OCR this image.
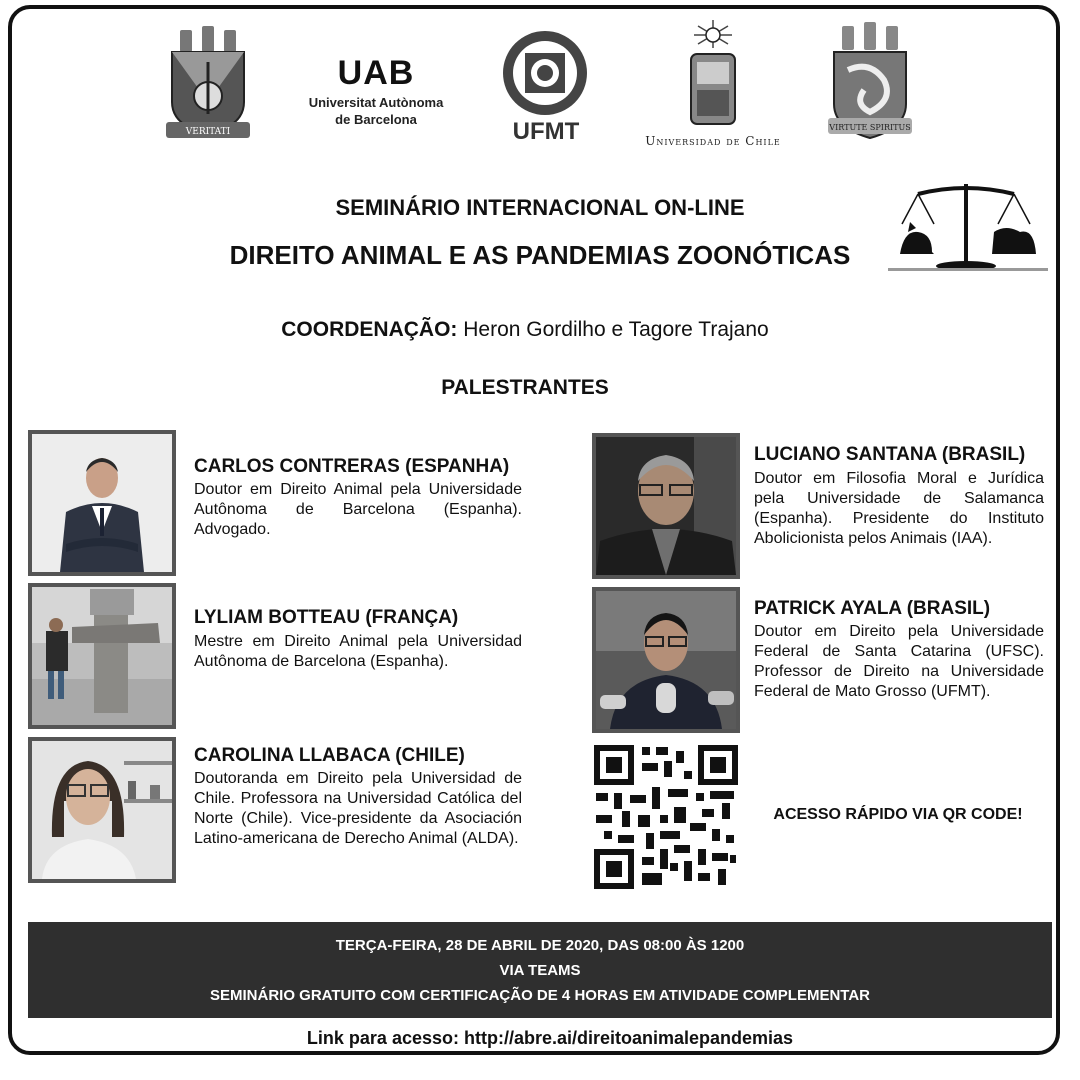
VERITATI
UAB
Universitat Autònoma
de Barcelona	UFMT	Universidad de Chile
VIRTUTE SPIRITUS
SEMINÁRIO INTERNACIONAL ON-LINE
DIREITO ANIMAL E AS PANDEMIAS ZOONÓTICAS
COORDENAÇÃO: Heron Gordilho e Tagore Trajano
PALESTRANTES
CARLOS CONTRERAS (ESPANHA)
Doutor em Direito Animal pela Universidade Autônoma de Barcelona (Espanha). Advogado.
LYLIAM BOTTEAU (FRANÇA)
Mestre em Direito Animal pela Universidad Autônoma de Barcelona (Espanha).
CAROLINA LLABACA (CHILE)
Doutoranda em Direito pela Universidad de Chile. Professora na Universidad Católica del Norte (Chile). Vice-presidente da Asociación Latino-americana de Derecho Animal (ALDA).
LUCIANO SANTANA (BRASIL)
Doutor em Filosofia Moral e Jurídica pela Universidade de Salamanca (Espanha). Presidente do Instituto Abolicionista pelos Animais (IAA).
PATRICK AYALA (BRASIL)
Doutor em Direito pela Universidade Federal de Santa Catarina (UFSC). Professor de Direito na Universidade Federal de Mato Grosso (UFMT).
ACESSO RÁPIDO VIA QR CODE!
TERÇA-FEIRA, 28 DE ABRIL DE 2020, DAS 08:00 ÀS 1200
VIA TEAMS
SEMINÁRIO GRATUITO COM CERTIFICAÇÃO DE 4 HORAS EM ATIVIDADE COMPLEMENTAR
Link para acesso: http://abre.ai/direitoanimalepandemias
